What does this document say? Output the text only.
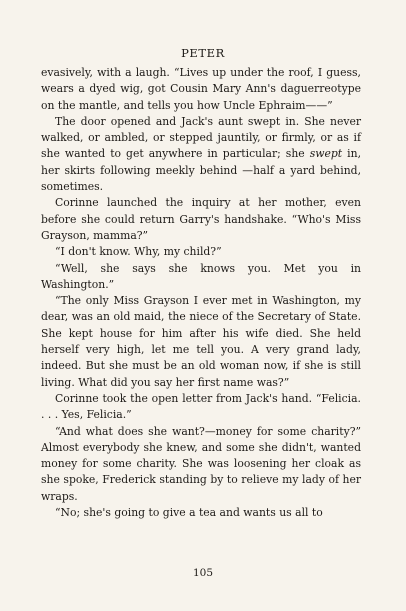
PETER

evasively, with a laugh. “Lives up under the roof, I guess, wears a dyed wig, got Cousin Mary Ann's daguerreotype on the mantle, and tells you how Uncle Ephraim——”

The door opened and Jack's aunt swept in. She never walked, or ambled, or stepped jauntily, or firmly, or as if she wanted to get anywhere in particular; she swept in, her skirts following meekly behind —half a yard behind, sometimes.

Corinne launched the inquiry at her mother, even before she could return Garry's handshake. “Who's Miss Grayson, mamma?”

“I don't know. Why, my child?”

“Well, she says she knows you. Met you in Washington.”

“The only Miss Grayson I ever met in Washington, my dear, was an old maid, the niece of the Secretary of State. She kept house for him after his wife died. She held herself very high, let me tell you. A very grand lady, indeed. But she must be an old woman now, if she is still living. What did you say her first name was?”

Corinne took the open letter from Jack's hand. “Felicia. . . . Yes, Felicia.”

“And what does she want?—money for some charity?” Almost everybody she knew, and some she didn't, wanted money for some charity. She was loosening her cloak as she spoke, Frederick standing by to relieve my lady of her wraps.

“No; she's going to give a tea and wants us all to

105
